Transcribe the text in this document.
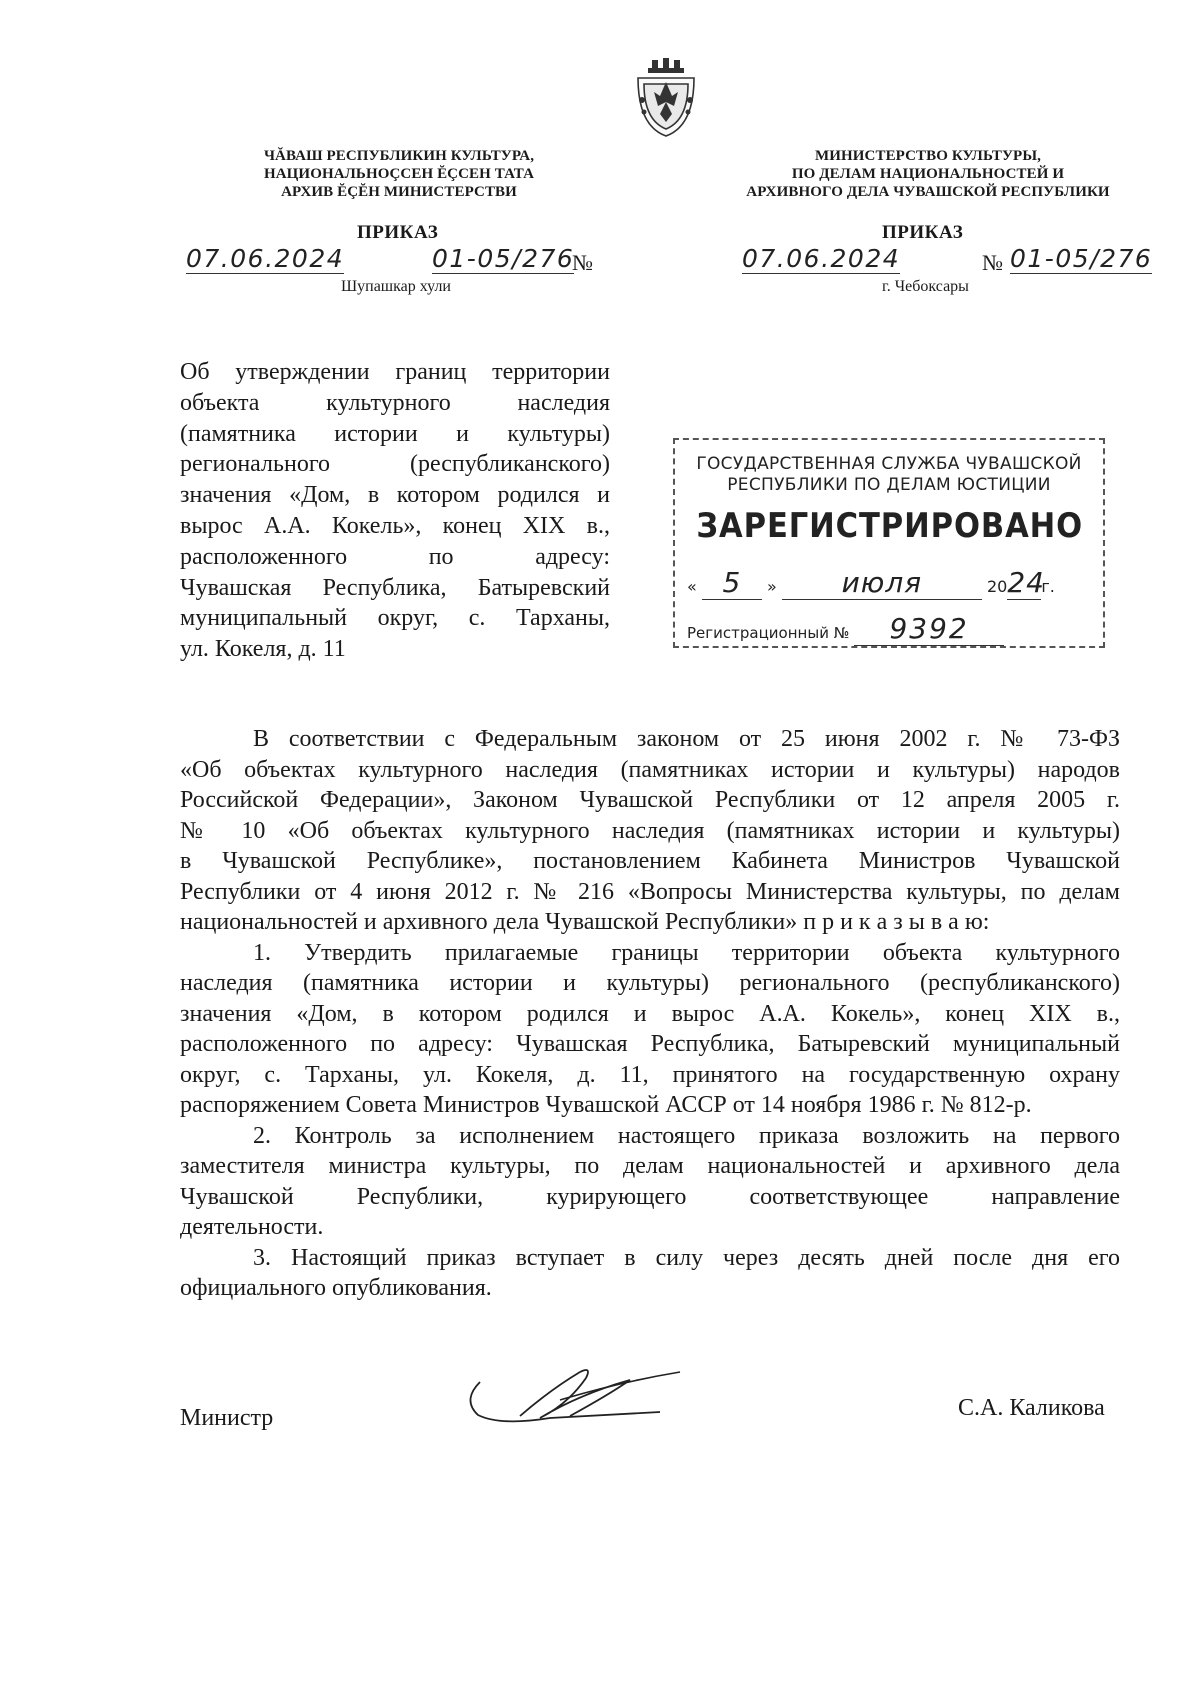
ЧĂВАШ РЕСПУБЛИКИН КУЛЬТУРА,
НАЦИОНАЛЬНОÇСЕН ĔÇСЕН ТАТА
АРХИВ ĔÇĔН МИНИСТЕРСТВИ
ПРИКАЗ
07.06.2024	01-05/276
№
Шупашкар хули
МИНИСТЕРСТВО КУЛЬТУРЫ,
ПО ДЕЛАМ НАЦИОНАЛЬНОСТЕЙ И
АРХИВНОГО ДЕЛА ЧУВАШСКОЙ РЕСПУБЛИКИ
ПРИКАЗ
07.06.2024	№ 01-05/276
г. Чебоксары
Об утверждении границ территории
объекта культурного наследия
(памятника истории и культуры)
регионального (республиканского)
значения «Дом, в котором родился и
вырос А.А. Кокель», конец XIX в.,
расположенного по адресу:
Чувашская Республика, Батыревский
муниципальный округ, с. Тарханы,
ул. Кокеля, д. 11
ГОСУДАРСТВЕННАЯ СЛУЖБА ЧУВАШСКОЙ
РЕСПУБЛИКИ ПО ДЕЛАМ ЮСТИЦИИ
ЗАРЕГИСТРИРОВАНО
« 5 » июля	2024г.
Регистрационный № 9392
В соответствии с Федеральным законом от 25 июня 2002 г. № 73-ФЗ
«Об объектах культурного наследия (памятниках истории и культуры) народов
Российской Федерации», Законом Чувашской Республики от 12 апреля 2005 г.
№ 10 «Об объектах культурного наследия (памятниках истории и культуры)
в Чувашской Республике», постановлением Кабинета Министров Чувашской
Республики от 4 июня 2012 г. № 216 «Вопросы Министерства культуры, по делам
национальностей и архивного дела Чувашской Республики» п р и к а з ы в а ю:
1. Утвердить прилагаемые границы территории объекта культурного
наследия (памятника истории и культуры) регионального (республиканского)
значения «Дом, в котором родился и вырос А.А. Кокель», конец XIX в.,
расположенного по адресу: Чувашская Республика, Батыревский муниципальный
округ, с. Тарханы, ул. Кокеля, д. 11, принятого на государственную охрану
распоряжением Совета Министров Чувашской АССР от 14 ноября 1986 г. № 812-р.
2. Контроль за исполнением настоящего приказа возложить на первого
заместителя министра культуры, по делам национальностей и архивного дела
Чувашской Республики, курирующего соответствующее направление
деятельности.
3. Настоящий приказ вступает в силу через десять дней после дня его
официального опубликования.
Министр	С.А. Каликова
